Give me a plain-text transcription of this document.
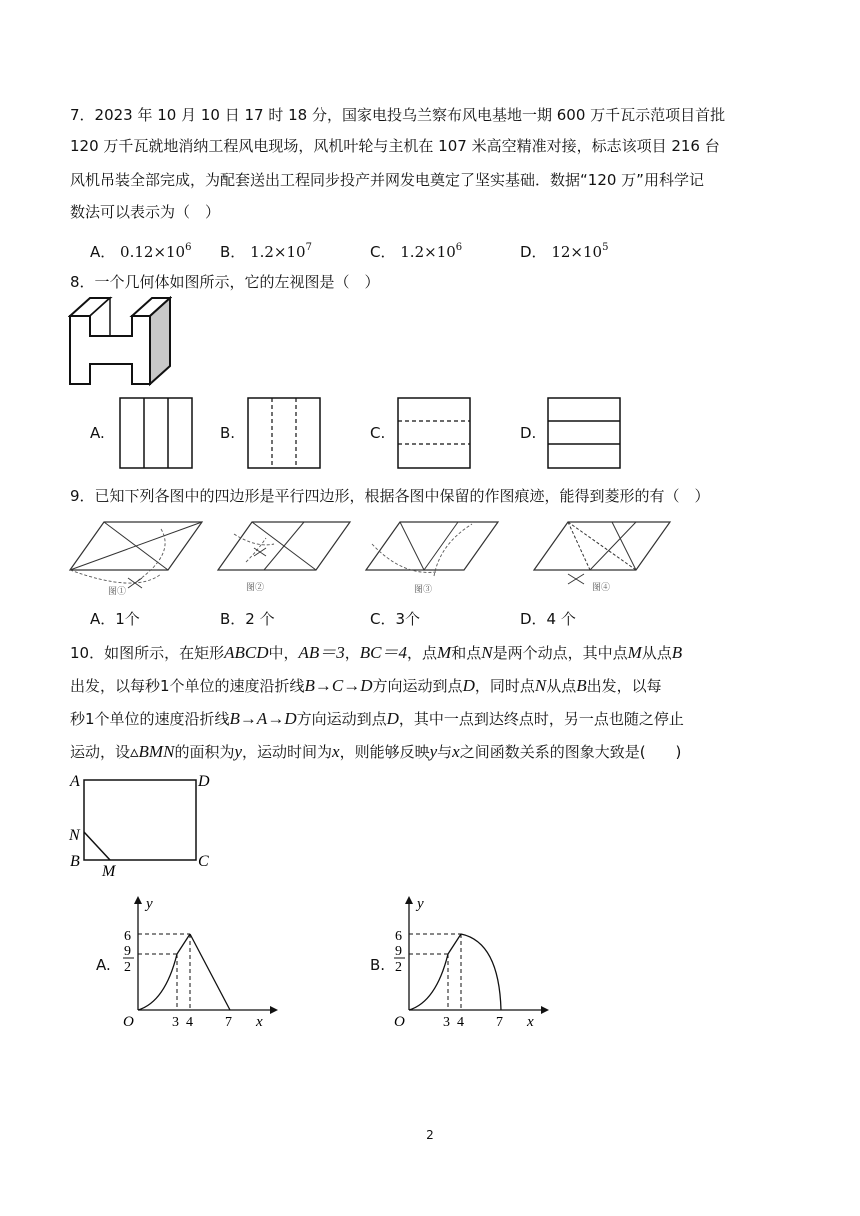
7．2023 年 10 月 10 日 17 时 18 分，国家电投乌兰察布风电基地一期 600 万千瓦示范项目首批
120 万千瓦就地消纳工程风电现场，风机叶轮与主机在 107 米高空精准对接，标志该项目 216 台
风机吊装全部完成，为配套送出工程同步投产并网发电奠定了坚实基础．数据“120 万”用科学记
数法可以表示为（　）
A． $0.12\times 10^6$ B． $1.2\times 10^7$	C． $1.2\times 10^6$	D． $12\times 10^5$
8．一个几何体如图所示，它的左视图是（　）
A.	B.	C.	D.
9．已知下列各图中的四边形是平行四边形，根据各图中保留的作图痕迹，能得到菱形的有（　）
图①	图②	图③	图④
A．1个	B．2 个	C．3个	D．4 个
10．如图所示，在矩形ABCD中，AB＝3，BC＝4，点M和点N是两个动点，其中点M从点B
出发，以每秒1个单位的速度沿折线B→C→D方向运动到点D，同时点N从点B出发，以每
秒1个单位的速度沿折线B→A→D方向运动到点D，其中一点到达终点时，另一点也随之停止
运动，设▵BMN的面积为y，运动时间为x，则能够反映y与x之间函数关系的图象大致是(　　)
A	D
N
B
M
C
A.
6
9
2
O	3 4 7 x
y
B.
6
9
2
O	3 4 7 x
y
2
